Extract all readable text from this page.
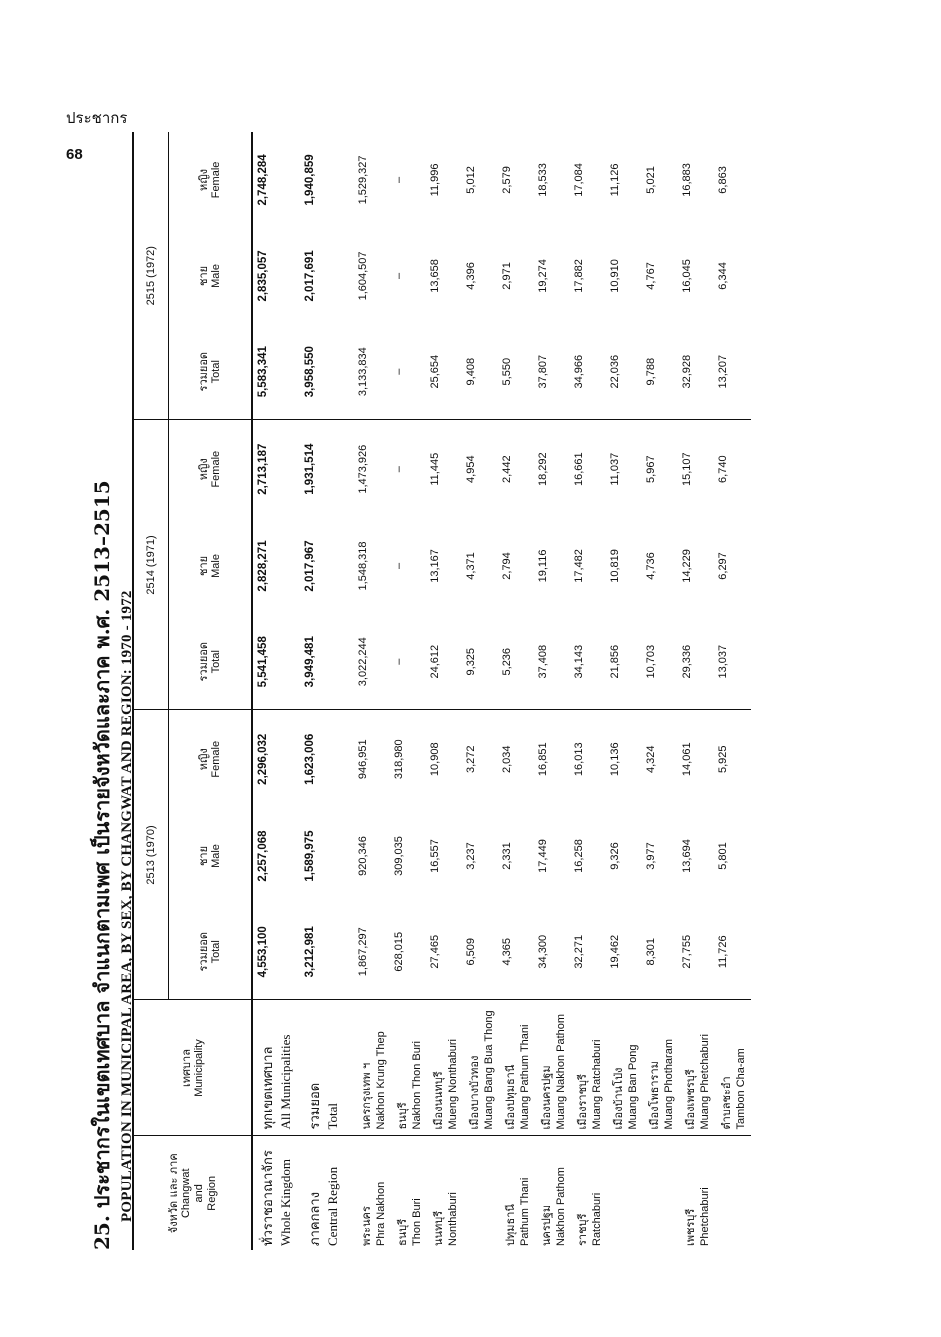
ประชากร
68
25. ประชากรในเขตเทศบาล จำแนกตามเพศ เป็นรายจังหวัดและภาค พ.ศ. 2513–2515 POPULATION IN MUNICIPAL AREA, BY SEX, BY CHANGWAT AND REGION: 1970 - 1972	จังหวัด และ ภาค Changwat and Region	เทศบาล Municipality	2513 (1970)			2514 (1971)			2515 (1972)		

		รวมยอด Total	ชาย Male	หญิง Female	รวมยอด Total	ชาย Male	หญิง Female	รวมยอด Total	ชาย Male	หญิง Female

ทั่วราชอาณาจักร Whole Kingdom	ทุกเขตเทศบาล All Municipalities	4,553,100	2,257,068	2,296,032	5,541,458	2,828,271	2,713,187	5,583,341	2,835,057	2,748,284

ภาคกลาง Central Region	รวมยอด Total	3,212,981	1,589,975	1,623,006	3,949,481	2,017,967	1,931,514	3,958,550	2,017,691	1,940,859

พระนคร Phra Nakhon	นครกรุงเทพ ฯ Nakhon Krung Thep	1,867,297	920,346	946,951	3,022,244	1,548,318	1,473,926	3,133,834	1,604,507	1,529,327

ธนบุรี Thon Buri	ธนบุรี Nakhon Thon Buri	628,015	309,035	318,980	–	–	–	–	–	–

นนทบุรี Nonthaburi	เมืองนนทบุรี Mueng Nonthaburi	27,465	16,557	10,908	24,612	13,167	11,445	25,654	13,658	11,996

	เมืองบางบัวทอง Muang Bang Bua Thong	6,509	3,237	3,272	9,325	4,371	4,954	9,408	4,396	5,012

ปทุมธานี Pathum Thani	เมืองปทุมธานี Muang Pathum Thani	4,365	2,331	2,034	5,236	2,794	2,442	5,550	2,971	2,579

นครปฐม Nakhon Pathom	เมืองนครปฐม Muang Nakhon Pathom	34,300	17,449	16,851	37,408	19,116	18,292	37,807	19,274	18,533

ราชบุรี Ratchaburi	เมืองราชบุรี Muang Ratchaburi	32,271	16,258	16,013	34,143	17,482	16,661	34,966	17,882	17,084

	เมืองบ้านโป่ง Muang Ban Pong	19,462	9,326	10,136	21,856	10,819	11,037	22,036	10,910	11,126

	เมืองโพธาราม Muang Photharam	8,301	3,977	4,324	10,703	4,736	5,967	9,788	4,767	5,021

เพชรบุรี Phetchaburi	เมืองเพชรบุรี Muang Phetchaburi	27,755	13,694	14,061	29,336	14,229	15,107	32,928	16,045	16,883

	ตำบลชะอำ Tambon Cha-am	11,726	5,801	5,925	13,037	6,297	6,740	13,207	6,344	6,863
